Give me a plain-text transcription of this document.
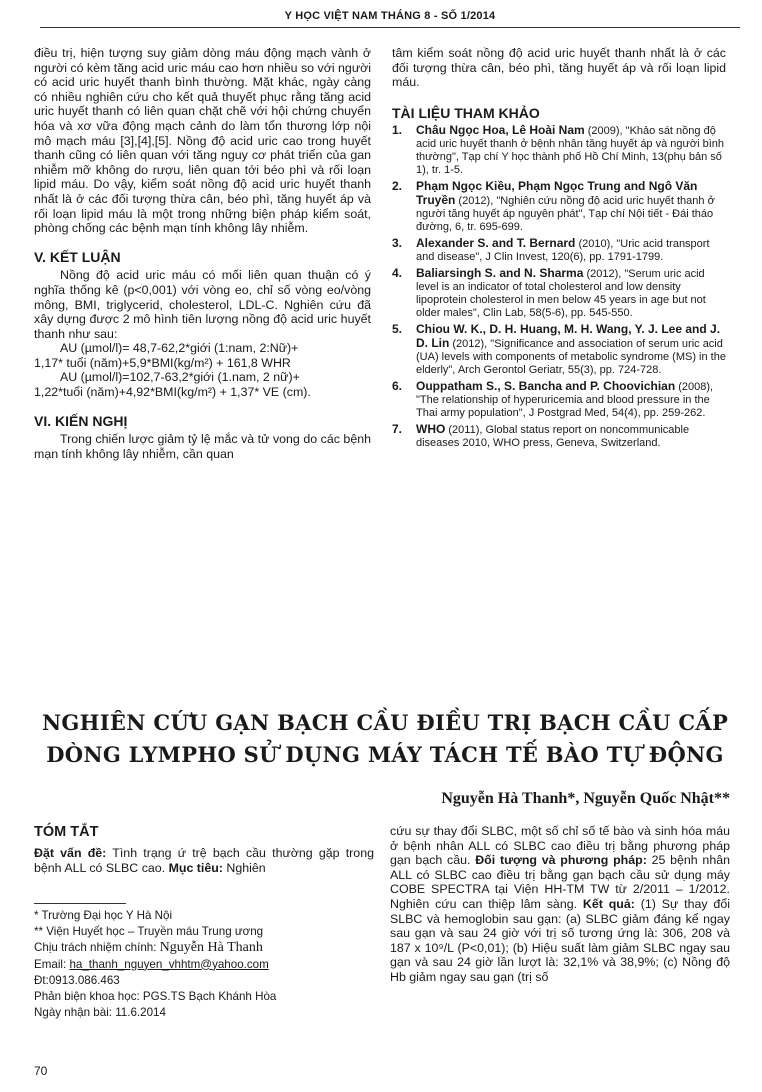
Y HỌC VIỆT NAM THÁNG 8 - SỐ 1/2014

điều trị, hiện tượng suy giảm dòng máu động mạch vành ở người có kèm tăng acid uric máu cao hơn nhiều so với người có acid uric huyết thanh bình thường. Mặt khác, ngày càng có nhiều nghiên cứu cho kết quả thuyết phục rằng tăng acid uric huyết thanh có liên quan chặt chẽ với hội chứng chuyển hóa và xơ vữa động mạch cảnh do làm tổn thương lớp nội mô mạch máu [3],[4],[5]. Nồng độ acid uric cao trong huyết thanh cũng có liên quan với tăng nguy cơ phát triển của gan nhiễm mỡ không do rượu, liên quan tới béo phì và rối loạn lipid máu. Do vậy, kiểm soát nồng độ acid uric huyết thanh nhất là ở các đối tượng thừa cân, béo phì, tăng huyết áp và rối loạn lipid máu là một trong những biện pháp kiểm soát, phòng chống các bệnh mạn tính không lây nhiễm.

V. KẾT LUẬN

Nồng độ acid uric máu có mối liên quan thuận có ý nghĩa thống kê (p<0,001) với vòng eo, chỉ số vòng eo/vòng mông, BMI, triglycerid, cholesterol, LDL-C. Nghiên cứu đã xây dựng được 2 mô hình tiên lượng nồng độ acid uric huyết thanh như sau:

AU (µmol/l)= 48,7-62,2*giới (1:nam, 2:Nữ)+

1,17* tuổi (năm)+5,9*BMI(kg/m²) + 161,8 WHR

AU (µmol/l)=102,7-63,2*giới (1.nam, 2 nữ)+

1,22*tuổi (năm)+4,92*BMI(kg/m²) + 1,37* VE (cm).

VI. KIẾN NGHỊ

Trong chiến lược giảm tỷ lệ mắc và tử vong do các bệnh mạn tính không lây nhiễm, cần quan

tâm kiểm soát nồng độ acid uric huyết thanh nhất là ở các đối tượng thừa cân, béo phì, tăng huyết áp và rối loạn lipid máu.

TÀI LIỆU THAM KHẢO
1.	Châu Ngọc Hoa, Lê Hoài Nam (2009), "Khảo sát nồng độ acid uric huyết thanh ở bệnh nhân tăng huyết áp và người bình thường", Tạp chí Y học thành phố Hồ Chí Minh, 13(phụ bản số 1), tr. 1-5.
2.	Phạm Ngọc Kiều, Phạm Ngọc Trung and Ngô Văn Truyền (2012), "Nghiên cứu nồng độ acid uric huyết thanh ở người tăng huyết áp nguyên phát", Tạp chí Nội tiết - Đái tháo đường, 6, tr. 695-699.
3.	Alexander S. and T. Bernard (2010), "Uric acid transport and disease", J Clin Invest, 120(6), pp. 1791-1799.
4.	Baliarsingh S. and N. Sharma (2012), "Serum uric acid level is an indicator of total cholesterol and low density lipoprotein cholesterol in men below 45 years in age but not older males", Clin Lab, 58(5-6), pp. 545-550.
5.	Chiou W. K., D. H. Huang, M. H. Wang, Y. J. Lee and J. D. Lin (2012), "Significance and association of serum uric acid (UA) levels with components of metabolic syndrome (MS) in the elderly", Arch Gerontol Geriatr, 55(3), pp. 724-728.
6.	Ouppatham S., S. Bancha and P. Choovichian (2008), "The relationship of hyperuricemia and blood pressure in the Thai army population", J Postgrad Med, 54(4), pp. 259-262.
7.	WHO (2011), Global status report on noncommunicable diseases 2010, WHO press, Geneva, Switzerland.
NGHIÊN CỨU GẠN BẠCH CẦU ĐIỀU TRỊ BẠCH CẦU CẤP
DÒNG LYMPHO SỬ DỤNG MÁY TÁCH TẾ BÀO TỰ ĐỘNG
Nguyễn Hà Thanh*, Nguyễn Quốc Nhật**
TÓM TẮT
Đặt vấn đề: Tình trạng ứ trệ bạch cầu thường gặp trong bệnh ALL có SLBC cao. Mục tiêu: Nghiên
cứu sự thay đổi SLBC, một số chỉ số tế bào và sinh hóa máu ở bệnh nhân ALL có SLBC cao điều trị bằng phương pháp gạn bạch cầu. Đối tượng và phương pháp: 25 bệnh nhân ALL có SLBC cao điều trị bằng gạn bạch cầu sử dụng máy COBE SPECTRA tại Viện HH-TM TW từ 2/2011 – 1/2012. Nghiên cứu can thiệp lâm sàng. Kết quả: (1) Sự thay đổi SLBC và hemoglobin sau gạn: (a) SLBC giảm đáng kể ngay sau gạn và sau 24 giờ với trị số tương ứng là: 306, 208 và 187 x 10⁹/L (P<0,01); (b) Hiệu suất làm giảm SLBC ngay sau gạn và sau 24 giờ lần lượt là: 32,1% và 38,9%; (c) Nồng độ Hb giảm ngay sau gạn (trị số
* Trường Đại học Y Hà Nội
** Viện Huyết học – Truyền máu Trung ương
Chịu trách nhiệm chính: Nguyễn Hà Thanh
Email: ha_thanh_nguyen_vhhtm@yahoo.com
Đt:0913.086.463
Phản biện khoa học: PGS.TS Bạch Khánh Hòa
Ngày nhận bài: 11.6.2014
70
